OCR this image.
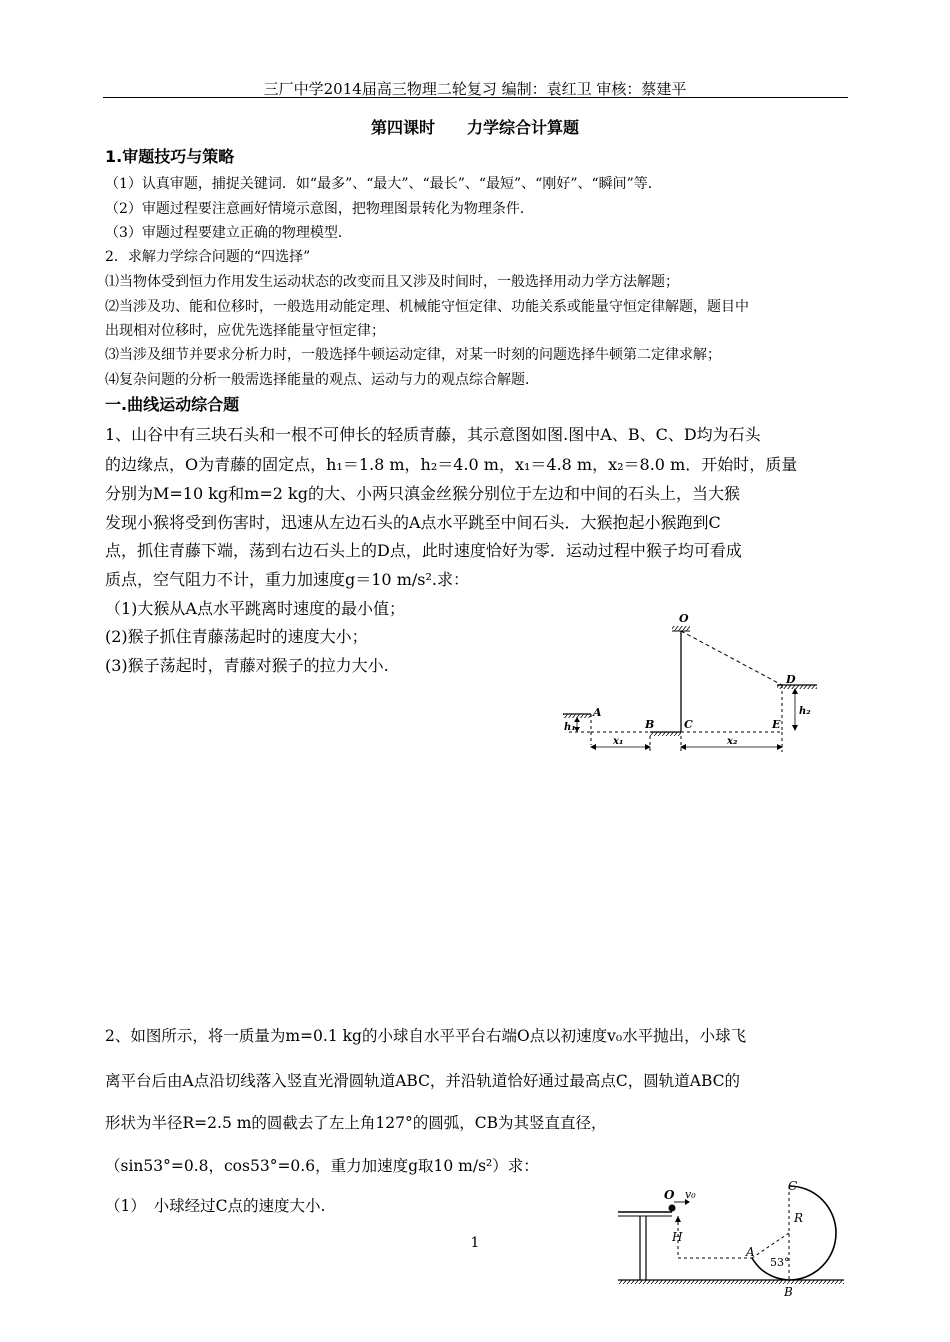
三厂中学2014届高三物理二轮复习 编制：袁红卫 审核：蔡建平
第四课时　　力学综合计算题
1.审题技巧与策略
（1）认真审题，捕捉关键词．如“最多”、“最大”、“最长”、“最短”、“刚好”、“瞬间”等．
（2）审题过程要注意画好情境示意图，把物理图景转化为物理条件．
（3）审题过程要建立正确的物理模型．
2．求解力学综合问题的“四选择”
⑴当物体受到恒力作用发生运动状态的改变而且又涉及时间时，一般选择用动力学方法解题；
⑵当涉及功、能和位移时，一般选用动能定理、机械能守恒定律、功能关系或能量守恒定律解题，题目中
出现相对位移时，应优先选择能量守恒定律；
⑶当涉及细节并要求分析力时，一般选择牛顿运动定律，对某一时刻的问题选择牛顿第二定律求解；
⑷复杂问题的分析一般需选择能量的观点、运动与力的观点综合解题．
一.曲线运动综合题
1、山谷中有三块石头和一根不可伸长的轻质青藤，其示意图如图.图中A、B、C、D均为石头
的边缘点，O为青藤的固定点，h₁＝1.8 m，h₂＝4.0 m，x₁＝4.8 m，x₂＝8.0 m．开始时，质量
分别为M=10 kg和m=2 kg的大、小两只滇金丝猴分别位于左边和中间的石头上，当大猴
发现小猴将受到伤害时，迅速从左边石头的A点水平跳至中间石头．大猴抱起小猴跑到C
点，抓住青藤下端，荡到右边石头上的D点，此时速度恰好为零．运动过程中猴子均可看成
质点，空气阻力不计，重力加速度g＝10 m/s².求：
（1)大猴从A点水平跳离时速度的最小值；
(2)猴子抓住青藤荡起时的速度大小；
(3)猴子荡起时，青藤对猴子的拉力大小.
O
D
h₂
A
h₁	B	C	E
x₁	x₂
2、如图所示，将一质量为m=0.1 kg的小球自水平平台右端O点以初速度v₀水平抛出，小球飞
离平台后由A点沿切线落入竖直光滑圆轨道ABC，并沿轨道恰好通过最高点C，圆轨道ABC的
形状为半径R=2.5 m的圆截去了左上角127°的圆弧，CB为其竖直直径，
（sin53°=0.8，cos53°=0.6，重力加速度g取10 m/s²）求：
（1）　小球经过C点的速度大小.
O v₀
H
A
C
R
53°
B
1
